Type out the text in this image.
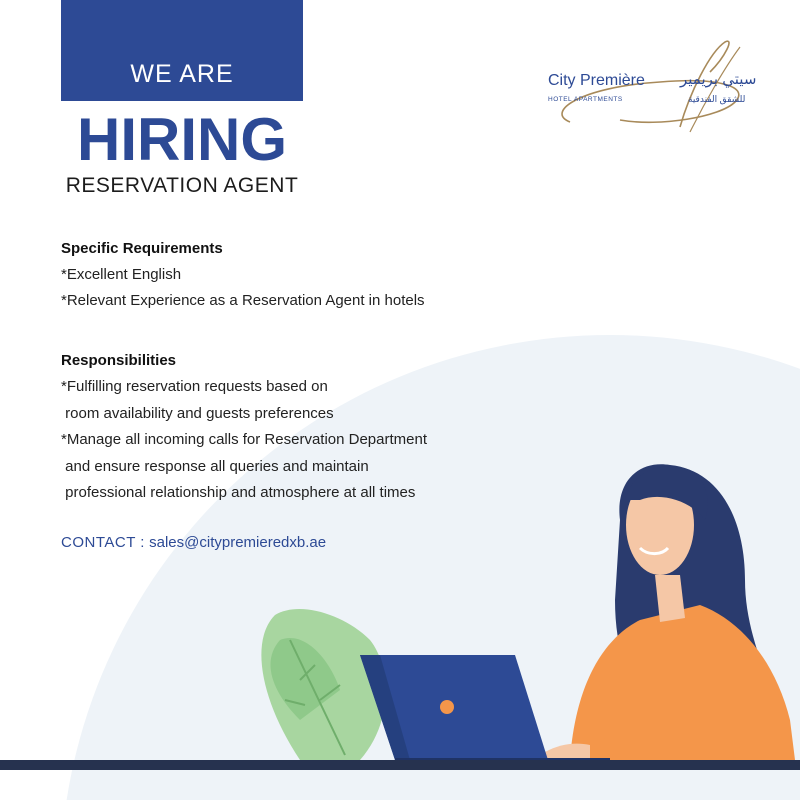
WE ARE
HIRING
RESERVATION AGENT
City Première
HOTEL APARTMENTS
سيتي بريمير
للشقق الفندقية
Specific Requirements
*Excellent English
*Relevant Experience as a Reservation Agent in hotels
Responsibilities
*Fulfilling reservation requests based on
room availability and guests preferences
*Manage all incoming calls for Reservation Department
and ensure response all queries and maintain
professional relationship and atmosphere at all times
CONTACT : sales@citypremieredxb.ae
